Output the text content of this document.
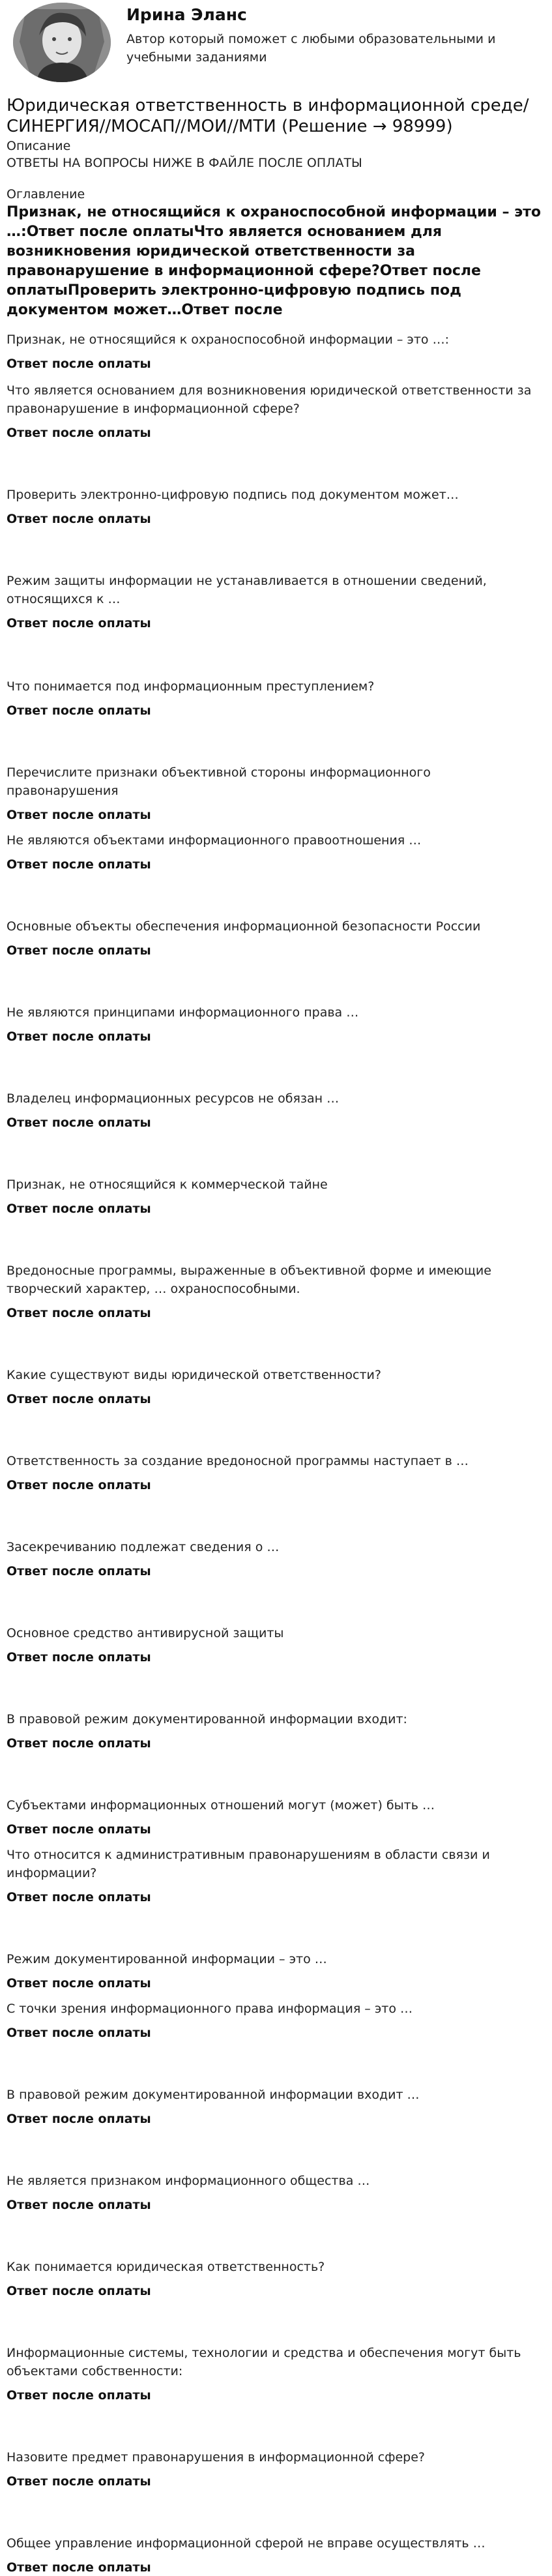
Ирина Эланс
Автор который поможет с любыми образовательными и учебными заданиями
Юридическая ответственность в информационной среде/СИНЕРГИЯ//МОСАП//МОИ//МТИ (Решение → 98999)
Описание

ОТВЕТЫ НА ВОПРОСЫ НИЖЕ В ФАЙЛЕ ПОСЛЕ ОПЛАТЫ

Оглавление

Признак, не относящийся к охраноспособной информации – это …:Ответ после оплатыЧто является основанием для возникновения юридической ответственности за правонарушение в информационной сфере?Ответ после оплатыПроверить электронно-цифровую подпись под документом может…Ответ после

Признак, не относящийся к охраноспособной информации – это …:

Ответ после оплаты

Что является основанием для возникновения юридической ответственности за правонарушение в информационной сфере?

Ответ после оплаты

Проверить электронно-цифровую подпись под документом может…

Ответ после оплаты

Режим защиты информации не устанавливается в отношении сведений, относящихся к …

Ответ после оплаты

Что понимается под информационным преступлением?

Ответ после оплаты

Перечислите признаки объективной стороны информационного правонарушения

Ответ после оплаты

Не являются объектами информационного правоотношения …

Ответ после оплаты

Основные объекты обеспечения информационной безопасности России

Ответ после оплаты

Не являются принципами информационного права …

Ответ после оплаты

Владелец информационных ресурсов не обязан …

Ответ после оплаты

Признак, не относящийся к коммерческой тайне

Ответ после оплаты

Вредоносные программы, выраженные в объективной форме и имеющие творческий характер, … охраноспособными.

Ответ после оплаты

Какие существуют виды юридической ответственности?

Ответ после оплаты

Ответственность за создание вредоносной программы наступает в …

Ответ после оплаты

Засекречиванию подлежат сведения о …

Ответ после оплаты

Основное средство антивирусной защиты

Ответ после оплаты

В правовой режим документированной информации входит:

Ответ после оплаты

Субъектами информационных отношений могут (может) быть …

Ответ после оплаты

Что относится к административным правонарушениям в области связи и информации?

Ответ после оплаты

Режим документированной информации – это …

Ответ после оплаты

С точки зрения информационного права информация – это …

Ответ после оплаты

В правовой режим документированной информации входит …

Ответ после оплаты

Не является признаком информационного общества …

Ответ после оплаты

Как понимается юридическая ответственность?

Ответ после оплаты

Информационные системы, технологии и средства и обеспечения могут быть объектами собственности:

Ответ после оплаты

Назовите предмет правонарушения в информационной сфере?

Ответ после оплаты

Общее управление информационной сферой не вправе осуществлять …

Ответ после оплаты
